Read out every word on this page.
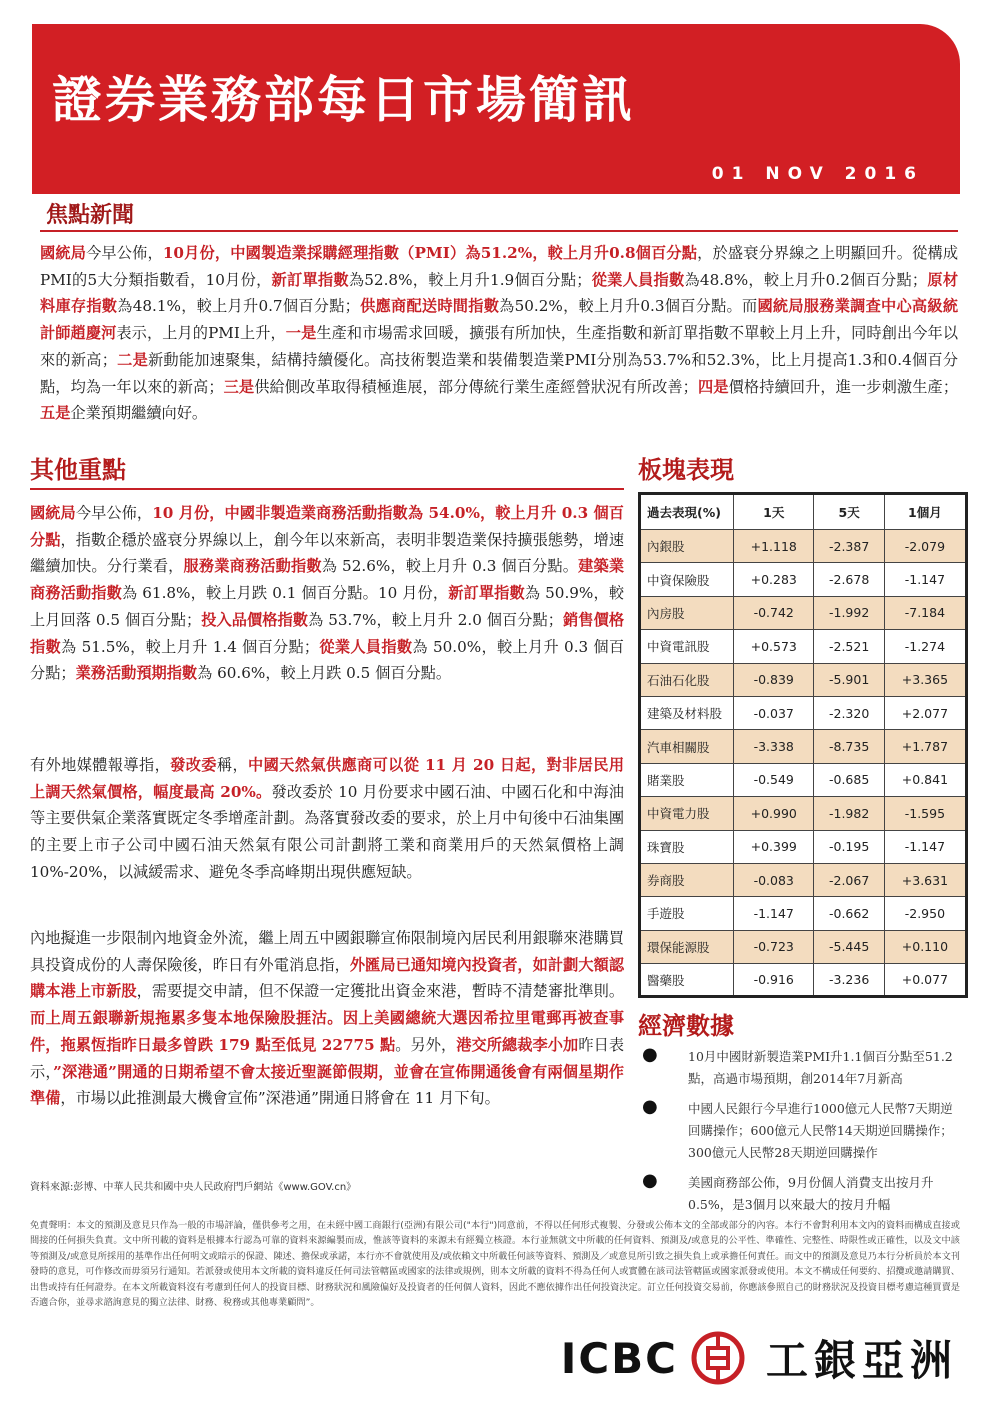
證券業務部每日市場簡訊
01 NOV 2016
焦點新聞
國統局今早公佈，10月份，中國製造業採購經理指數（PMI）為51.2%，較上月升0.8個百分點，於盛衰分界線之上明顯回升。從構成PMI的5大分類指數看，10月份，新訂單指數為52.8%，較上月升1.9個百分點；從業人員指數為48.8%，較上月升0.2個百分點；原材料庫存指數為48.1%，較上月升0.7個百分點；供應商配送時間指數為50.2%，較上月升0.3個百分點。而國統局服務業調查中心高級統計師趙慶河表示，上月的PMI上升，一是生產和市場需求回暖，擴張有所加快，生產指數和新訂單指數不單較上月上升，同時創出今年以來的新高；二是新動能加速聚集，結構持續優化。高技術製造業和裝備製造業PMI分別為53.7%和52.3%，比上月提高1.3和0.4個百分點，均為一年以來的新高；三是供給側改革取得積極進展，部分傳統行業生產經營狀況有所改善；四是價格持續回升，進一步刺激生產；五是企業預期繼續向好。
其他重點
國統局今早公佈，10 月份，中國非製造業商務活動指數為 54.0%，較上月升 0.3 個百分點，指數企穩於盛衰分界線以上，創今年以來新高，表明非製造業保持擴張態勢，增速繼續加快。分行業看，服務業商務活動指數為 52.6%，較上月升 0.3 個百分點。建築業商務活動指數為 61.8%，較上月跌 0.1 個百分點。10 月份，新訂單指數為 50.9%，較上月回落 0.5 個百分點；投入品價格指數為 53.7%，較上月升 2.0 個百分點；銷售價格指數為 51.5%，較上月升 1.4 個百分點；從業人員指數為 50.0%，較上月升 0.3 個百分點；業務活動預期指數為 60.6%，較上月跌 0.5 個百分點。
有外地媒體報導指，發改委稱，中國天然氣供應商可以從 11 月 20 日起，對非居民用上調天然氣價格，幅度最高 20%。發改委於 10 月份要求中國石油、中國石化和中海油等主要供氣企業落實既定冬季增產計劃。為落實發改委的要求，於上月中旬後中石油集團的主要上市子公司中國石油天然氣有限公司計劃將工業和商業用戶的天然氣價格上調 10%-20%，以減緩需求、避免冬季高峰期出現供應短缺。
內地擬進一步限制內地資金外流，繼上周五中國銀聯宣佈限制境內居民利用銀聯來港購買具投資成份的人壽保險後，昨日有外電消息指，外匯局已通知境內投資者，如計劃大額認購本港上市新股，需要提交申請，但不保證一定獲批出資金來港，暫時不清楚審批準則。而上周五銀聯新規拖累多隻本地保險股捱沽。因上美國總統大選因希拉里電郵再被查事件，拖累恆指昨日最多曾跌 179 點至低見 22775 點。另外，港交所總裁李小加昨日表示，”深港通”開通的日期希望不會太接近聖誕節假期，並會在宣佈開通後會有兩個星期作準備，市場以此推測最大機會宣佈”深港通”開通日將會在 11 月下旬。
板塊表現
過去表現(%)	1天	5天	1個月
內銀股	+1.118	-2.387	-2.079
中資保險股	+0.283	-2.678	-1.147
內房股	-0.742	-1.992	-7.184
中資電訊股	+0.573	-2.521	-1.274
石油石化股	-0.839	-5.901	+3.365
建築及材料股	-0.037	-2.320	+2.077
汽車相關股	-3.338	-8.735	+1.787
賭業股	-0.549	-0.685	+0.841
中資電力股	+0.990	-1.982	-1.595
珠寶股	+0.399	-0.195	-1.147
券商股	-0.083	-2.067	+3.631
手遊股	-1.147	-0.662	-2.950
環保能源股	-0.723	-5.445	+0.110
醫藥股	-0.916	-3.236	+0.077
經濟數據
● 10月中國財新製造業PMI升1.1個百分點至51.2點，高過市場預期，創2014年7月新高
● 中國人民銀行今早進行1000億元人民幣7天期逆回購操作；600億元人民幣14天期逆回購操作；300億元人民幣28天期逆回購操作
● 美國商務部公佈，9月份個人消費支出按月升0.5%，是3個月以來最大的按月升幅
資料來源:彭博、中華人民共和國中央人民政府門戶網站《www.GOV.cn》
免責聲明：本文的預測及意見只作為一般的市場評論，僅供參考之用，在未經中國工商銀行(亞洲)有限公司("本行")同意前，不得以任何形式複製、分發或公佈本文的全部或部分的內容。本行不會對利用本文內的資料而構成直接或間接的任何損失負責。文中所刊載的資料是根據本行認為可靠的資料來源編製而成，惟該等資料的來源未有經獨立核證。本行並無就文中所載的任何資料、預測及/或意見的公平性、準確性、完整性、時限性或正確性，以及文中該等預測及/或意見所採用的基準作出任何明文或暗示的保證、陳述、擔保或承諾，本行亦不會就使用及/或依賴文中所載任何該等資料、預測及／或意見所引致之損失負上或承擔任何責任。而文中的預測及意見乃本行分析員於本文刊發時的意見，可作修改而毋須另行通知。若派發或使用本文所載的資料違反任何司法管轄區或國家的法律或規例，則本文所載的資料不得為任何人或實體在該司法管轄區或國家派發或使用。本文不構成任何要約、招攬或邀請購買、出售或持有任何證券。在本文所載資料沒有考慮到任何人的投資目標、財務狀況和風險偏好及投資者的任何個人資料，因此不應依據作出任何投資決定。訂立任何投資交易前，你應該參照自己的財務狀況及投資目標考慮這種買賣是否適合你，並尋求諮詢意見的獨立法律、財務、稅務或其他專業顧問”。
ICBC 工銀亞洲
